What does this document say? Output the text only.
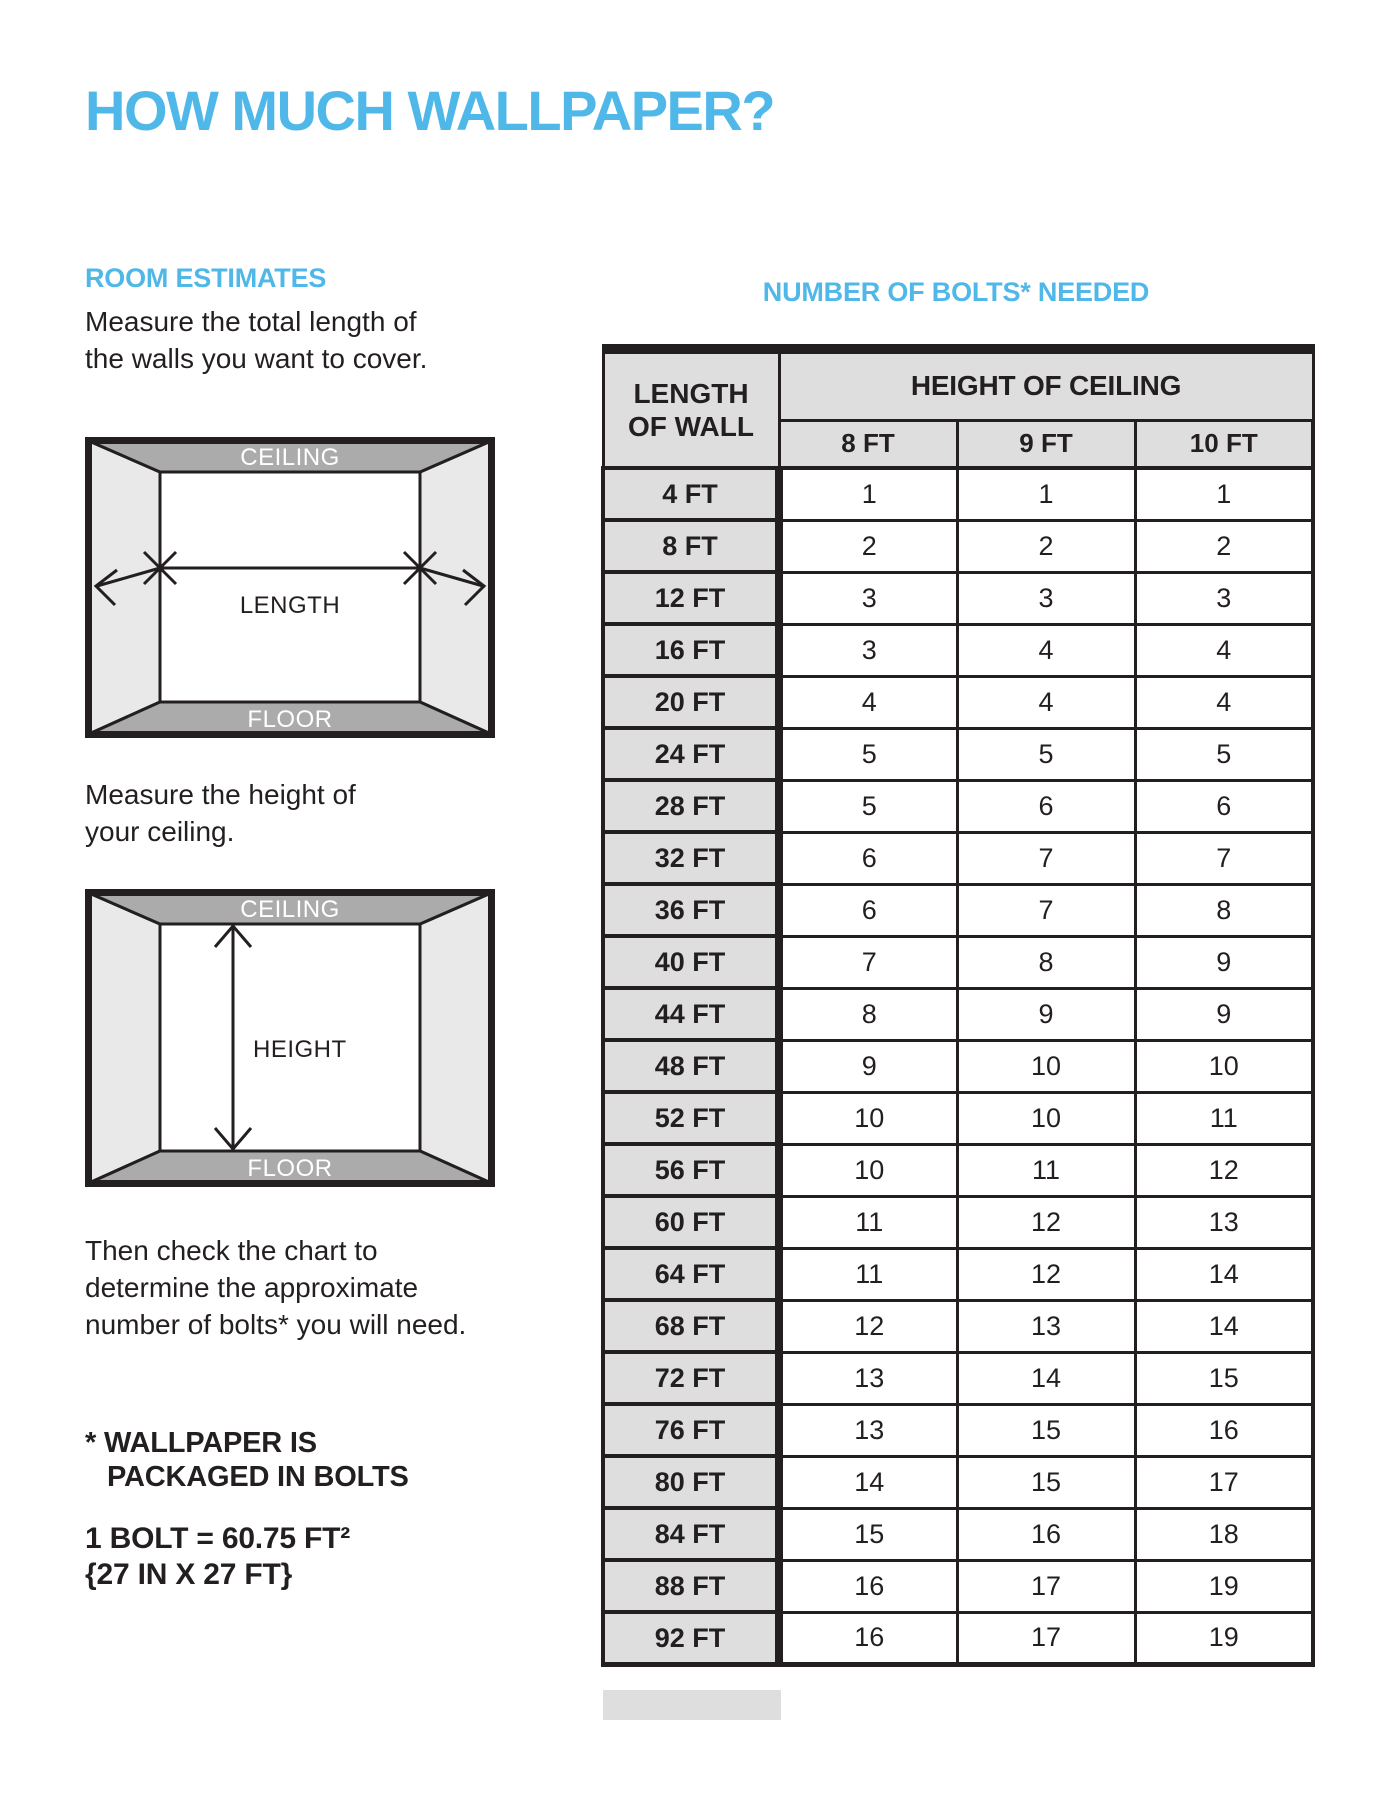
HOW MUCH WALLPAPER?
ROOM ESTIMATES
Measure the total length of
the walls you want to cover.
CEILING
LENGTH
FLOOR
Measure the height of
your ceiling.
CEILING
HEIGHT
FLOOR
Then check the chart to
determine the approximate
number of bolts* you will need.
* WALLPAPER IS
PACKAGED IN BOLTS
1 BOLT = 60.75 FT²
{27 IN X 27 FT}
NUMBER OF BOLTS* NEEDED
LENGTH
OF WALL	HEIGHT OF CEILING		
	8 FT	9 FT	10 FT
4 FT	1	1	1
8 FT	2	2	2
12 FT	3	3	3
16 FT	3	4	4
20 FT	4	4	4
24 FT	5	5	5
28 FT	5	6	6
32 FT	6	7	7
36 FT	6	7	8
40 FT	7	8	9
44 FT	8	9	9
48 FT	9	10	10
52 FT	10	10	11
56 FT	10	11	12
60 FT	11	12	13
64 FT	11	12	14
68 FT	12	13	14
72 FT	13	14	15
76 FT	13	15	16
80 FT	14	15	17
84 FT	15	16	18
88 FT	16	17	19
92 FT	16	17	19
